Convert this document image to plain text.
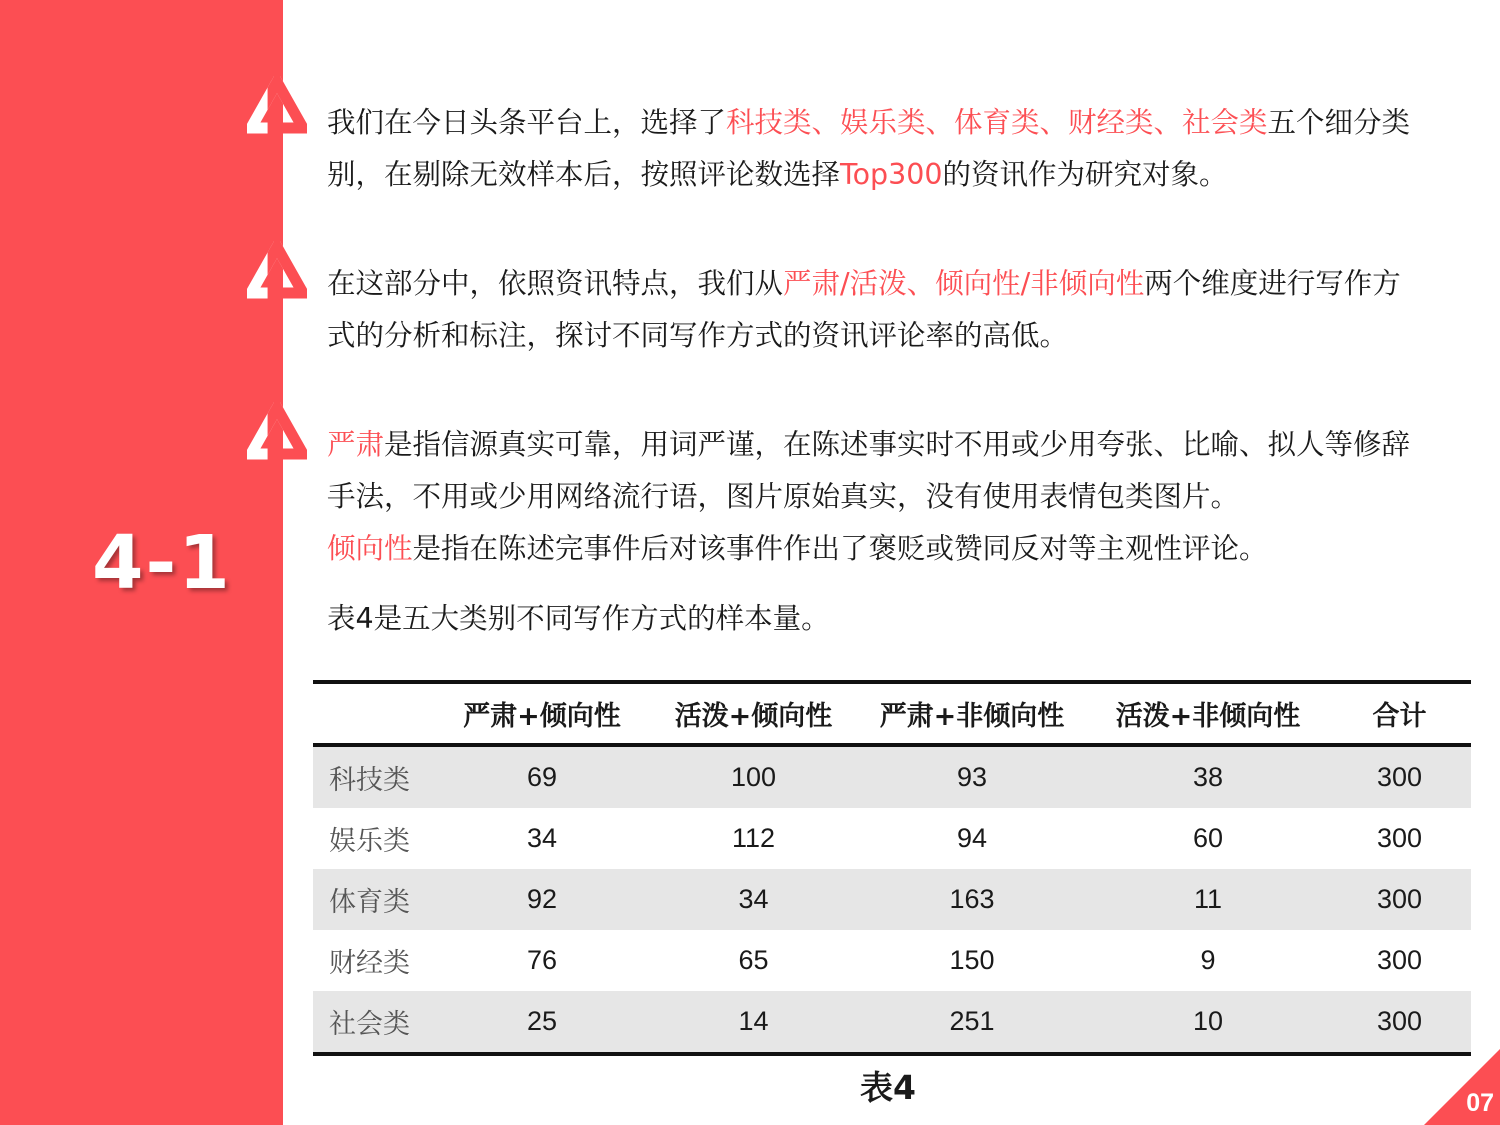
4-1
我们在今日头条平台上，选择了科技类、娱乐类、体育类、财经类、社会类五个细分类
别，在剔除无效样本后，按照评论数选择Top300的资讯作为研究对象。
在这部分中，依照资讯特点，我们从严肃/活泼、倾向性/非倾向性两个维度进行写作方
式的分析和标注，探讨不同写作方式的资讯评论率的高低。
严肃是指信源真实可靠，用词严谨，在陈述事实时不用或少用夸张、比喻、拟人等修辞
手法，不用或少用网络流行语，图片原始真实，没有使用表情包类图片。
倾向性是指在陈述完事件后对该事件作出了褒贬或赞同反对等主观性评论。
表4是五大类别不同写作方式的样本量。
	严肃+倾向性	活泼+倾向性	严肃+非倾向性	活泼+非倾向性	合计
科技类	69	100	93	38	300
娱乐类	34	112	94	60	300
体育类	92	34	163	11	300
财经类	76	65	150	9	300
社会类	25	14	251	10	300
表4	07
